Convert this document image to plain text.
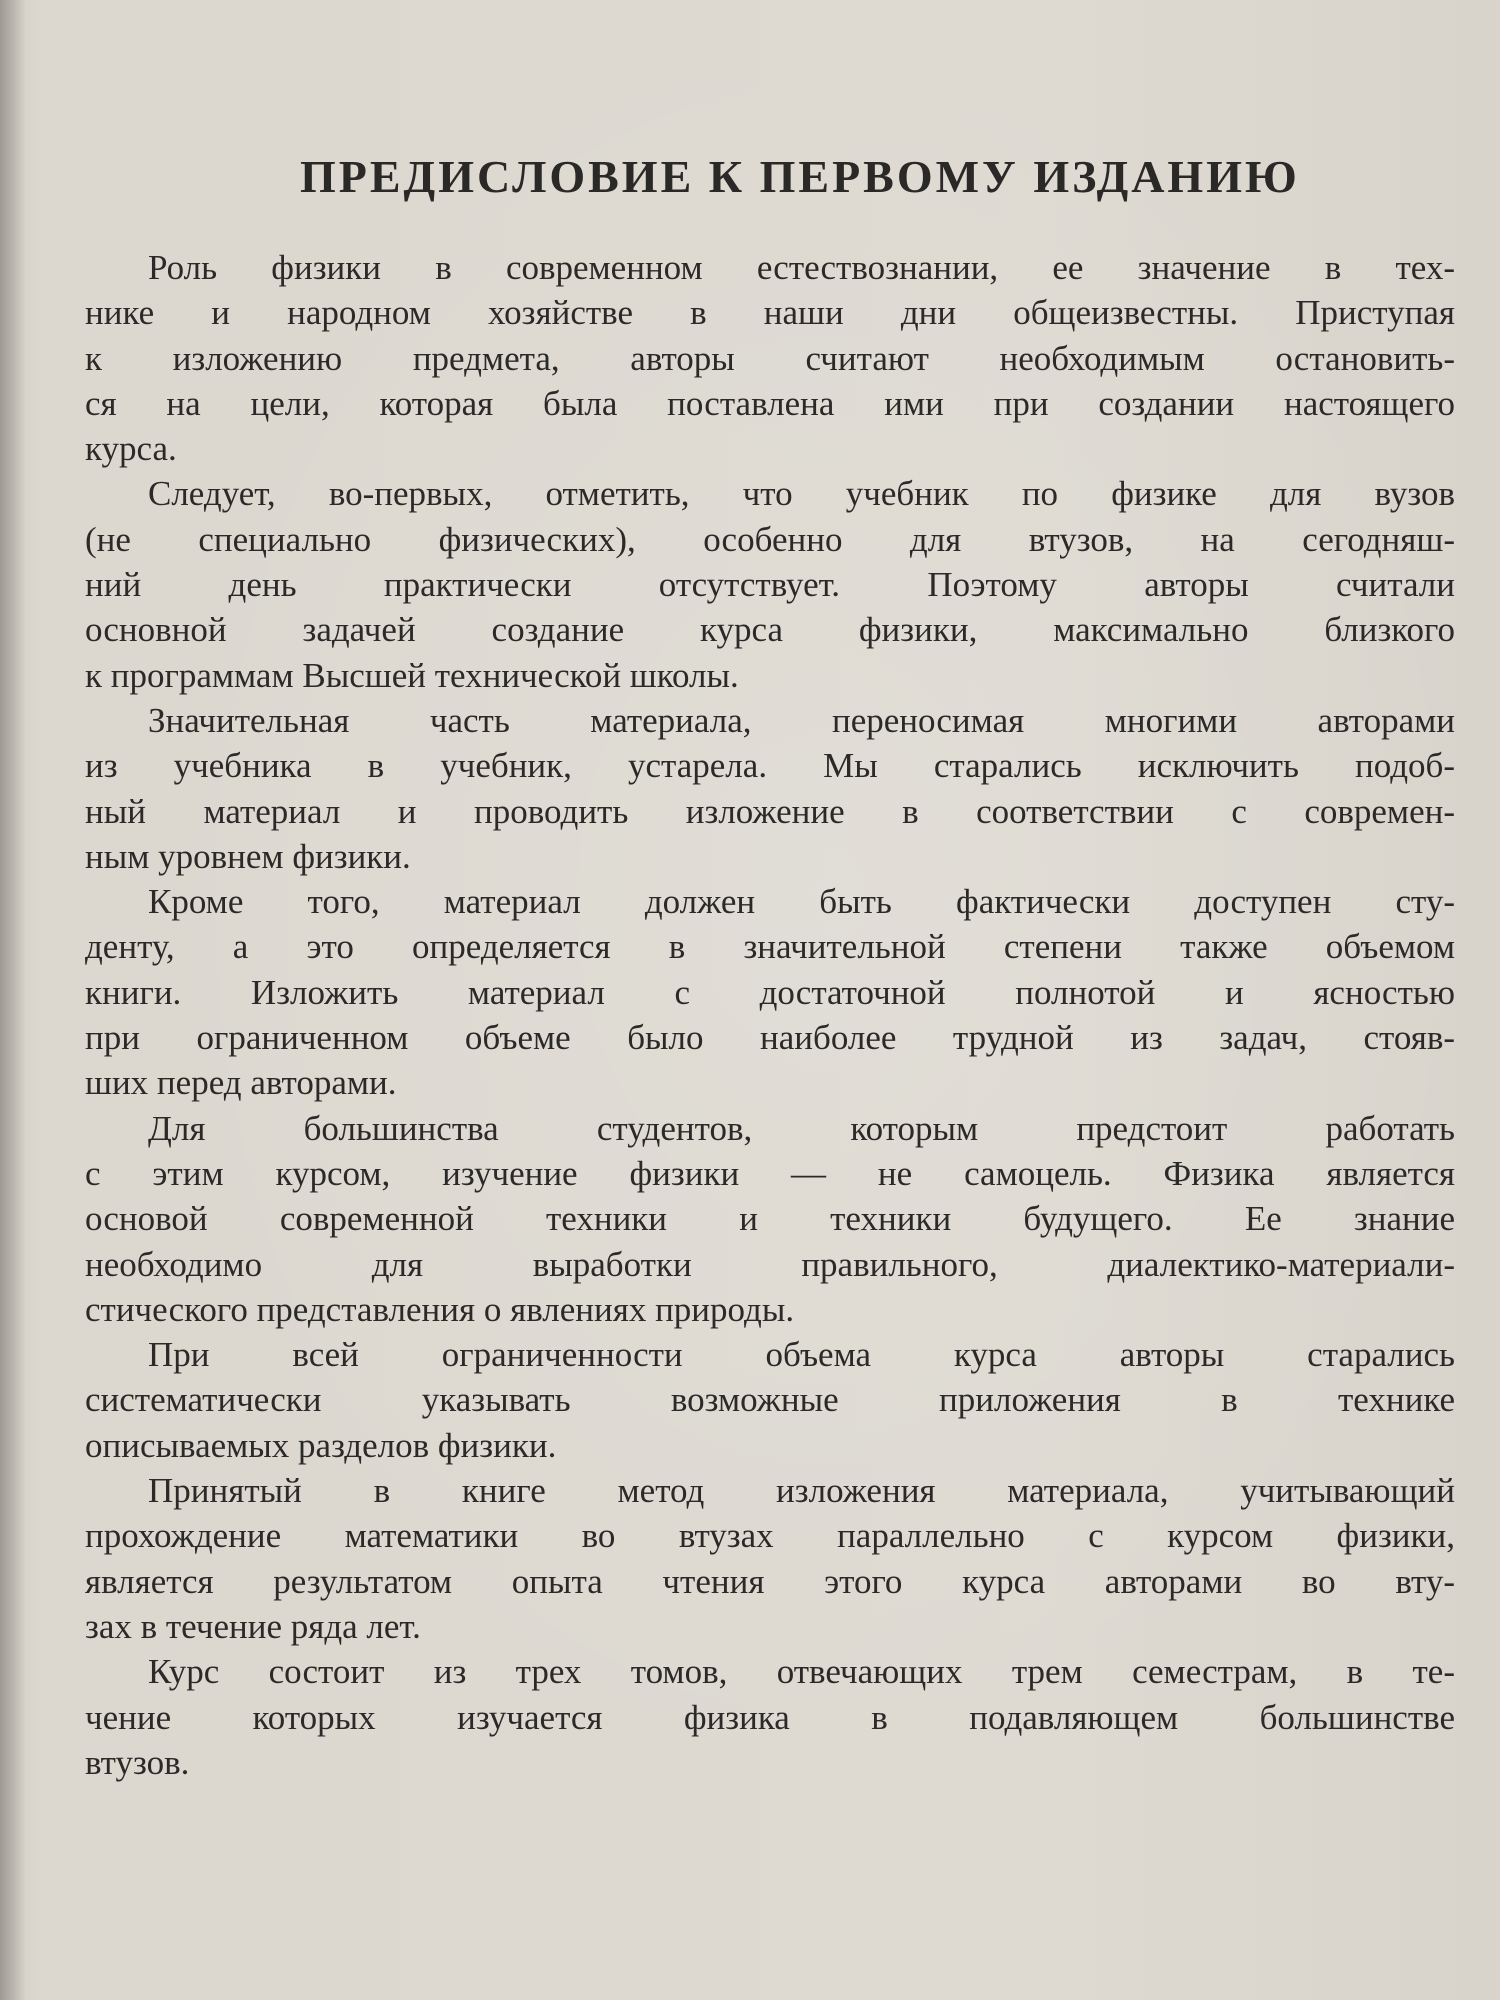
ПРЕДИСЛОВИЕ К ПЕРВОМУ ИЗДАНИЮ
Роль физики в современном естествознании, ее значение в тех-
нике и народном хозяйстве в наши дни общеизвестны. Приступая
к изложению предмета, авторы считают необходимым остановить-
ся на цели, которая была поставлена ими при создании настоящего
курса.
Следует, во-первых, отметить, что учебник по физике для вузов
(не специально физических), особенно для втузов, на сегодняш-
ний день практически отсутствует. Поэтому авторы считали
основной задачей создание курса физики, максимально близкого
к программам Высшей технической школы.
Значительная часть материала, переносимая многими авторами
из учебника в учебник, устарела. Мы старались исключить подоб-
ный материал и проводить изложение в соответствии с современ-
ным уровнем физики.
Кроме того, материал должен быть фактически доступен сту-
денту, а это определяется в значительной степени также объемом
книги. Изложить материал с достаточной полнотой и ясностью
при ограниченном объеме было наиболее трудной из задач, стояв-
ших перед авторами.
Для большинства студентов, которым предстоит работать
с этим курсом, изучение физики — не самоцель. Физика является
основой современной техники и техники будущего. Ее знание
необходимо для выработки правильного, диалектико-материали-
стического представления о явлениях природы.
При всей ограниченности объема курса авторы старались
систематически указывать возможные приложения в технике
описываемых разделов физики.
Принятый в книге метод изложения материала, учитывающий
прохождение математики во втузах параллельно с курсом физики,
является результатом опыта чтения этого курса авторами во вту-
зах в течение ряда лет.
Курс состоит из трех томов, отвечающих трем семестрам, в те-
чение которых изучается физика в подавляющем большинстве
втузов.
